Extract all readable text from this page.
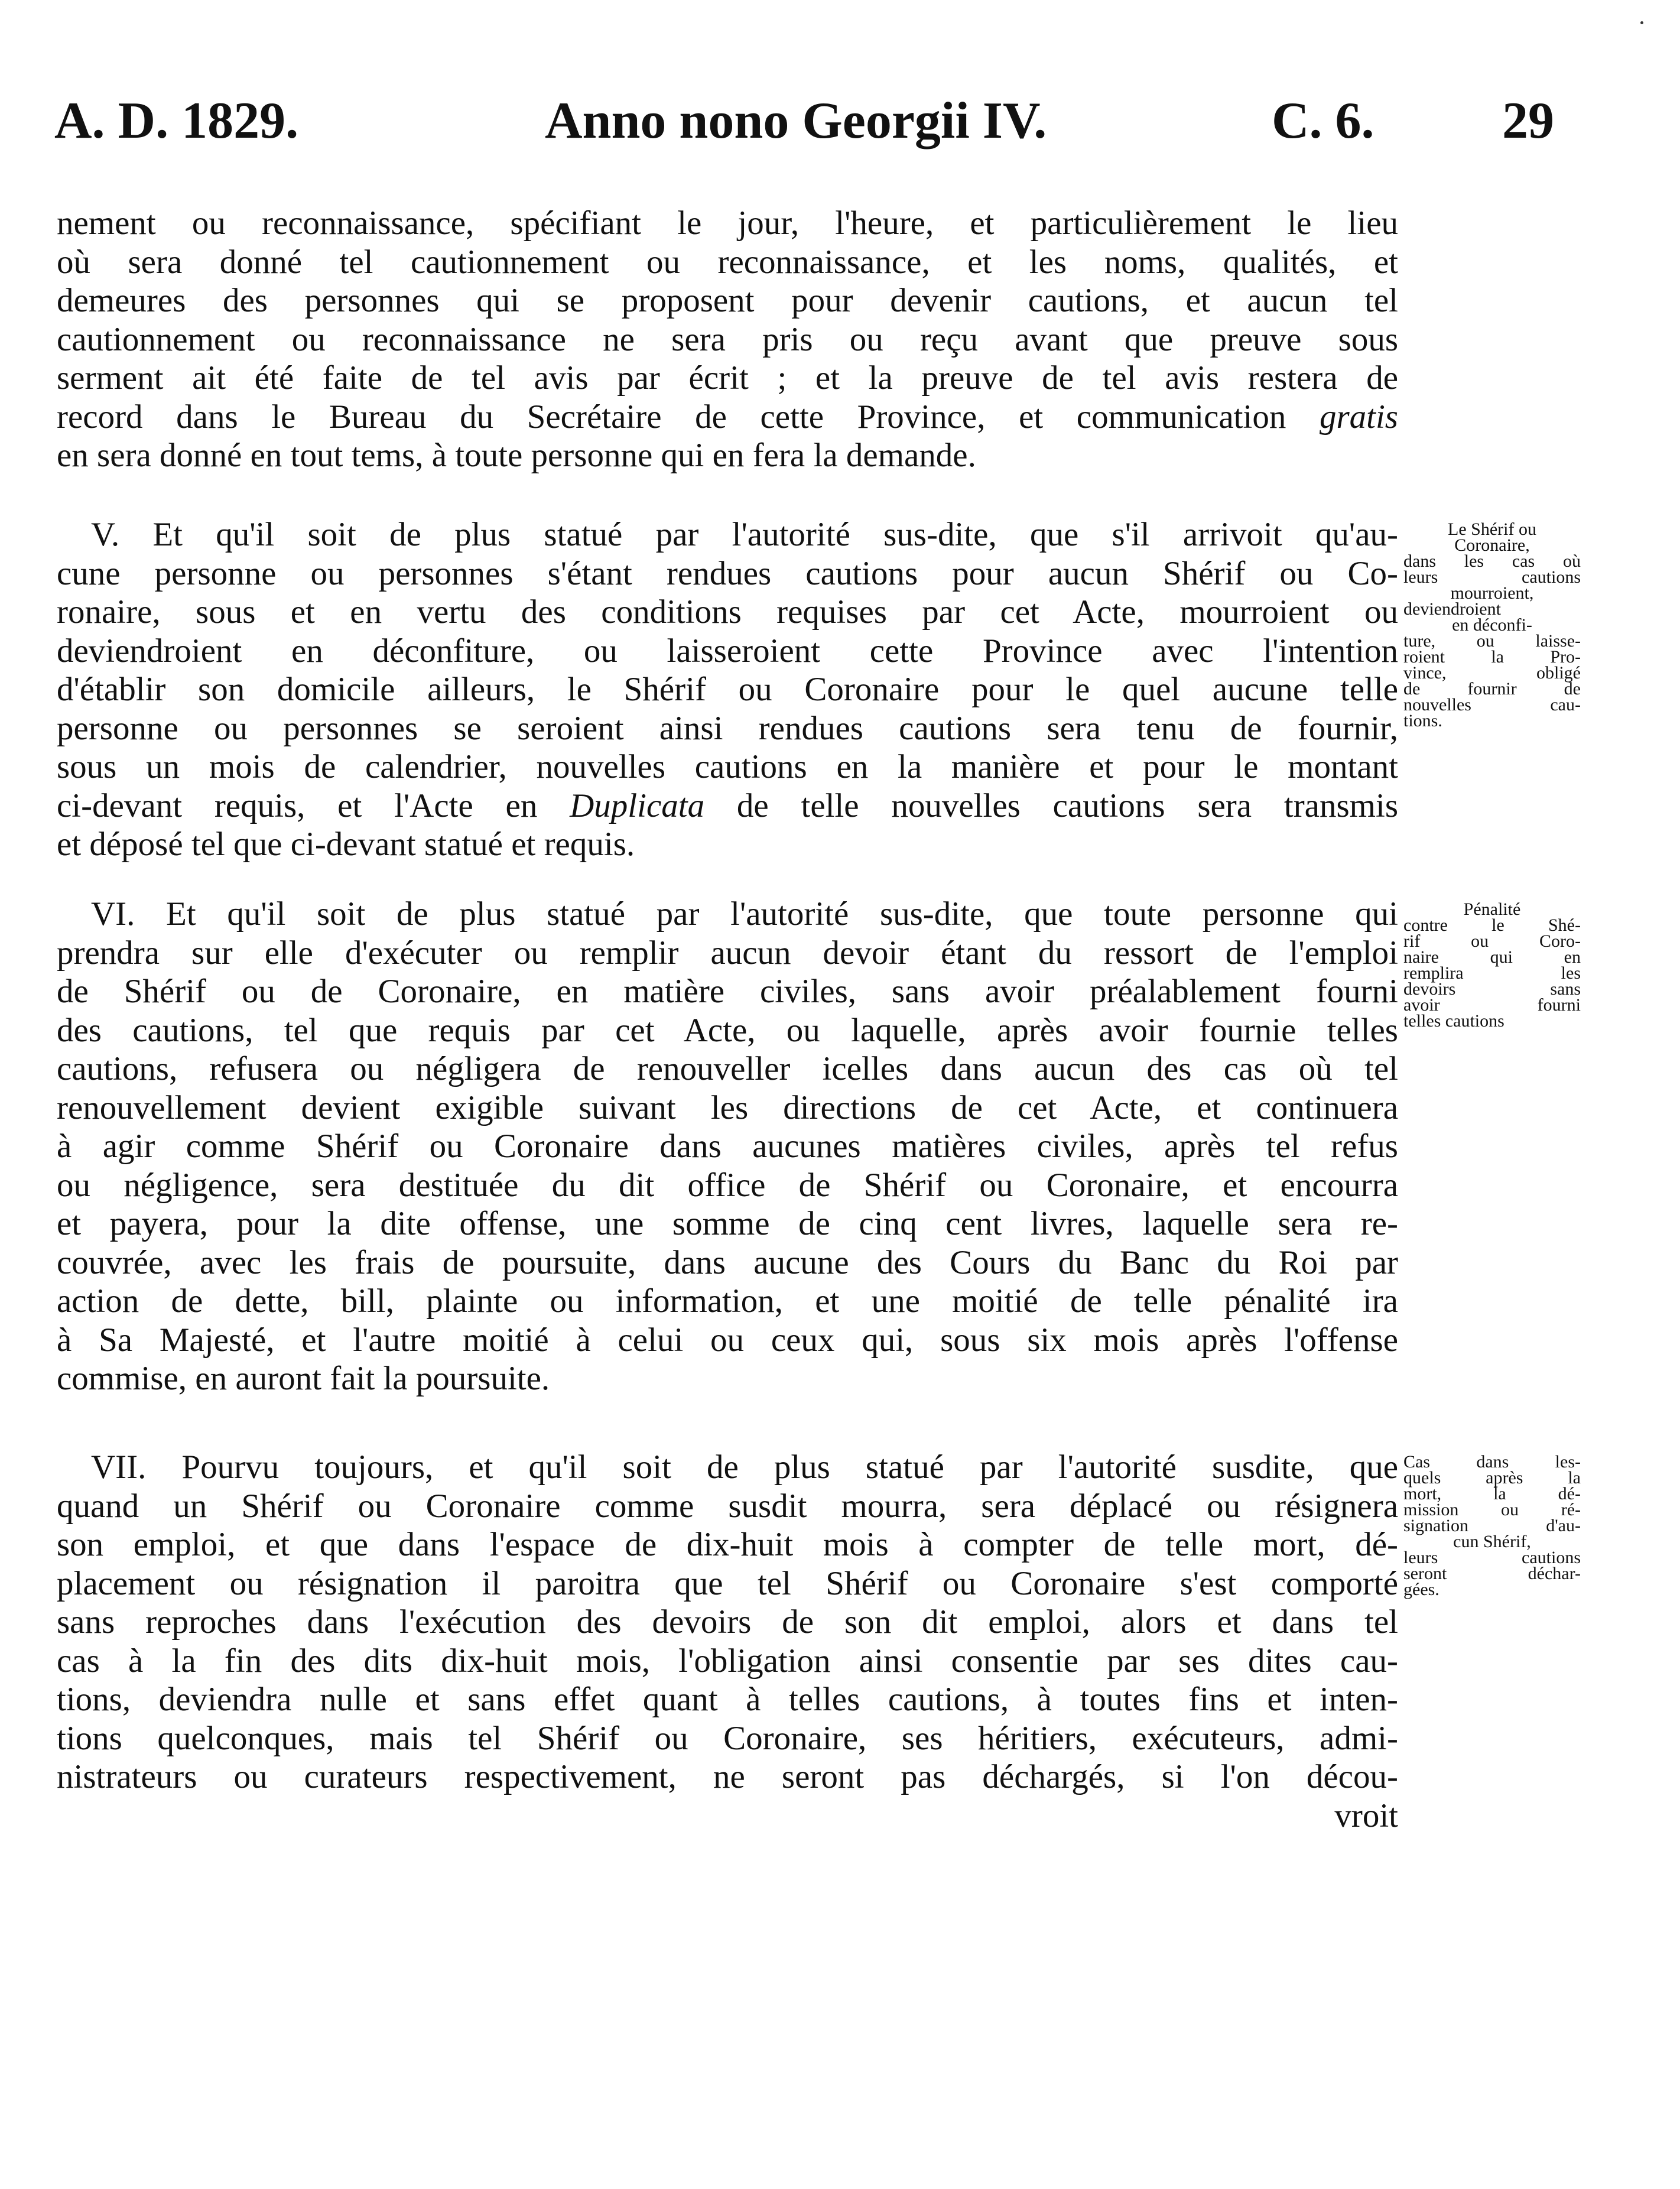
A. D. 1829.	Anno nono Georgii IV.	C. 6. 29
nement ou reconnaissance, spécifiant le jour, l'heure, et particulièrement le lieu
où sera donné tel cautionnement ou reconnaissance, et les noms, qualités, et
demeures des personnes qui se proposent pour devenir cautions, et aucun tel
cautionnement ou reconnaissance ne sera pris ou reçu avant que preuve sous
serment ait été faite de tel avis par écrit ; et la preuve de tel avis restera de
record dans le Bureau du Secrétaire de cette Province, et communication gratis
en sera donné en tout tems, à toute personne qui en fera la demande.
V. Et qu'il soit de plus statué par l'autorité sus-dite, que s'il arrivoit qu'au-
cune personne ou personnes s'étant rendues cautions pour aucun Shérif ou Co-
ronaire, sous et en vertu des conditions requises par cet Acte, mourroient ou
deviendroient en déconfiture, ou laisseroient cette Province avec l'intention
d'établir son domicile ailleurs, le Shérif ou Coronaire pour le quel aucune telle
personne ou personnes se seroient ainsi rendues cautions sera tenu de fournir,
sous un mois de calendrier, nouvelles cautions en la manière et pour le montant
ci-devant requis, et l'Acte en Duplicata de telle nouvelles cautions sera transmis
et déposé tel que ci-devant statué et requis.
VI. Et qu'il soit de plus statué par l'autorité sus-dite, que toute personne qui
prendra sur elle d'exécuter ou remplir aucun devoir étant du ressort de l'emploi
de Shérif ou de Coronaire, en matière civiles, sans avoir préalablement fourni
des cautions, tel que requis par cet Acte, ou laquelle, après avoir fournie telles
cautions, refusera ou négligera de renouveller icelles dans aucun des cas où tel
renouvellement devient exigible suivant les directions de cet Acte, et continuera
à agir comme Shérif ou Coronaire dans aucunes matières civiles, après tel refus
ou négligence, sera destituée du dit office de Shérif ou Coronaire, et encourra
et payera, pour la dite offense, une somme de cinq cent livres, laquelle sera re-
couvrée, avec les frais de poursuite, dans aucune des Cours du Banc du Roi par
action de dette, bill, plainte ou information, et une moitié de telle pénalité ira
à Sa Majesté, et l'autre moitié à celui ou ceux qui, sous six mois après l'offense
commise, en auront fait la poursuite.
VII. Pourvu toujours, et qu'il soit de plus statué par l'autorité susdite, que
quand un Shérif ou Coronaire comme susdit mourra, sera déplacé ou résignera
son emploi, et que dans l'espace de dix-huit mois à compter de telle mort, dé-
placement ou résignation il paroitra que tel Shérif ou Coronaire s'est comporté
sans reproches dans l'exécution des devoirs de son dit emploi, alors et dans tel
cas à la fin des dits dix-huit mois, l'obligation ainsi consentie par ses dites cau-
tions, deviendra nulle et sans effet quant à telles cautions, à toutes fins et inten-
tions quelconques, mais tel Shérif ou Coronaire, ses héritiers, exécuteurs, admi-
nistrateurs ou curateurs respectivement, ne seront pas déchargés, si l'on décou-
vroit
Le Shérif ou
Coronaire,
dans les cas où
leurs cautions
mourroient,
deviendroient
en déconfi-
ture, ou laisse-
roient la Pro-
vince, obligé
de fournir de
nouvelles cau-
tions.
Pénalité
contre le Shé-
rif ou Coro-
naire qui en
remplira les
devoirs sans
avoir fourni
telles cautions
Cas dans les-
quels après la
mort, la dé-
mission ou ré-
signation d'au-
cun Shérif,
leurs cautions
seront déchar-
gées.
